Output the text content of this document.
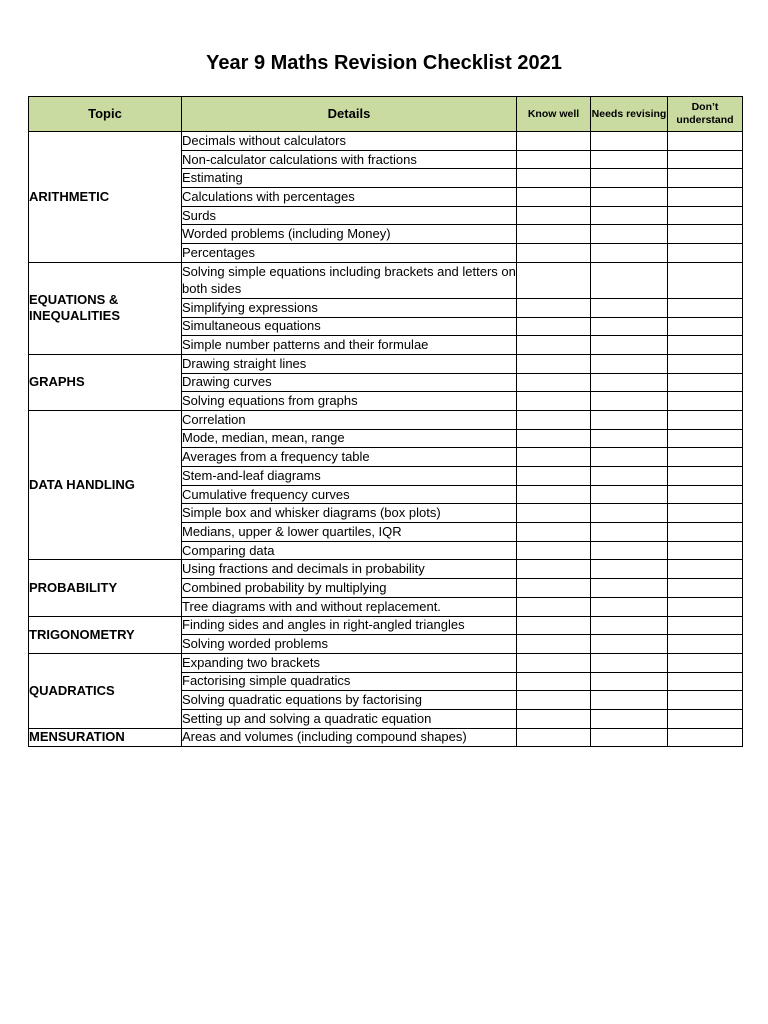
Year 9 Maths Revision Checklist 2021
Topic	Details	Know well	Needs revising	Don’t understand
ARITHMETIC	Decimals without calculators			
	Non-calculator calculations with fractions			
	Estimating			
	Calculations with percentages			
	Surds			
	Worded problems (including Money)			
	Percentages			
EQUATIONS & INEQUALITIES	Solving simple equations including brackets and letters on both sides			
	Simplifying expressions			
	Simultaneous equations			
	Simple number patterns and their formulae			
GRAPHS	Drawing straight lines			
	Drawing curves			
	Solving equations from graphs			
DATA HANDLING	Correlation			
	Mode, median, mean, range			
	Averages from a frequency table			
	Stem-and-leaf diagrams			
	Cumulative frequency curves			
	Simple box and whisker diagrams (box plots)			
	Medians, upper & lower quartiles, IQR			
	Comparing data			
PROBABILITY	Using fractions and decimals in probability			
	Combined probability by multiplying			
	Tree diagrams with and without replacement.			
TRIGONOMETRY	Finding sides and angles in right-angled triangles			
	Solving worded problems			
QUADRATICS	Expanding two brackets			
	Factorising simple quadratics			
	Solving quadratic equations by factorising			
	Setting up and solving a quadratic equation			
MENSURATION	Areas and volumes (including compound shapes)			
